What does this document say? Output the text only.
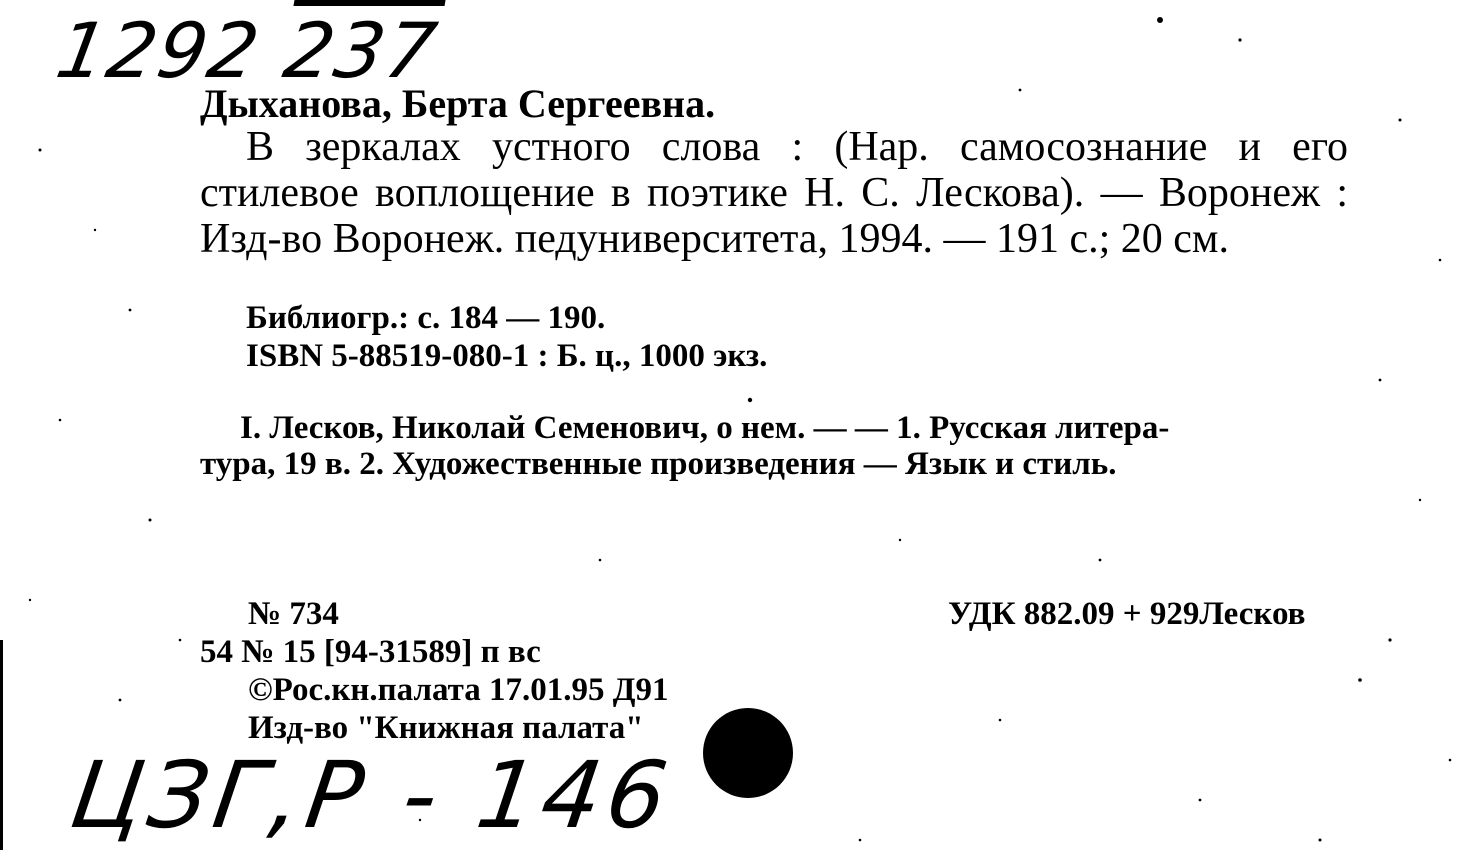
1292 237
Дыханова, Берта Сергеевна.
В зеркалах устного слова : (Нар. самосознание и его стилевое воплощение в поэтике Н. С. Лескова). — Воронеж : Изд-во Воронеж. педуниверситета, 1994. — 191 с.; 20 см.
Библиогр.: с. 184 — 190.
ISBN 5-88519-080-1 : Б. ц., 1000 экз.
I. Лесков, Николай Семенович, о нем. — — 1. Русская литера-
тура, 19 в. 2. Художественные произведения — Язык и стиль.
№ 734	УДК 882.09 + 929Лесков
54 № 15 [94-31589] п вс
©Рос.кн.палата 17.01.95 Д91
Изд-во "Книжная палата"
ЦЗГ,Р - 146
